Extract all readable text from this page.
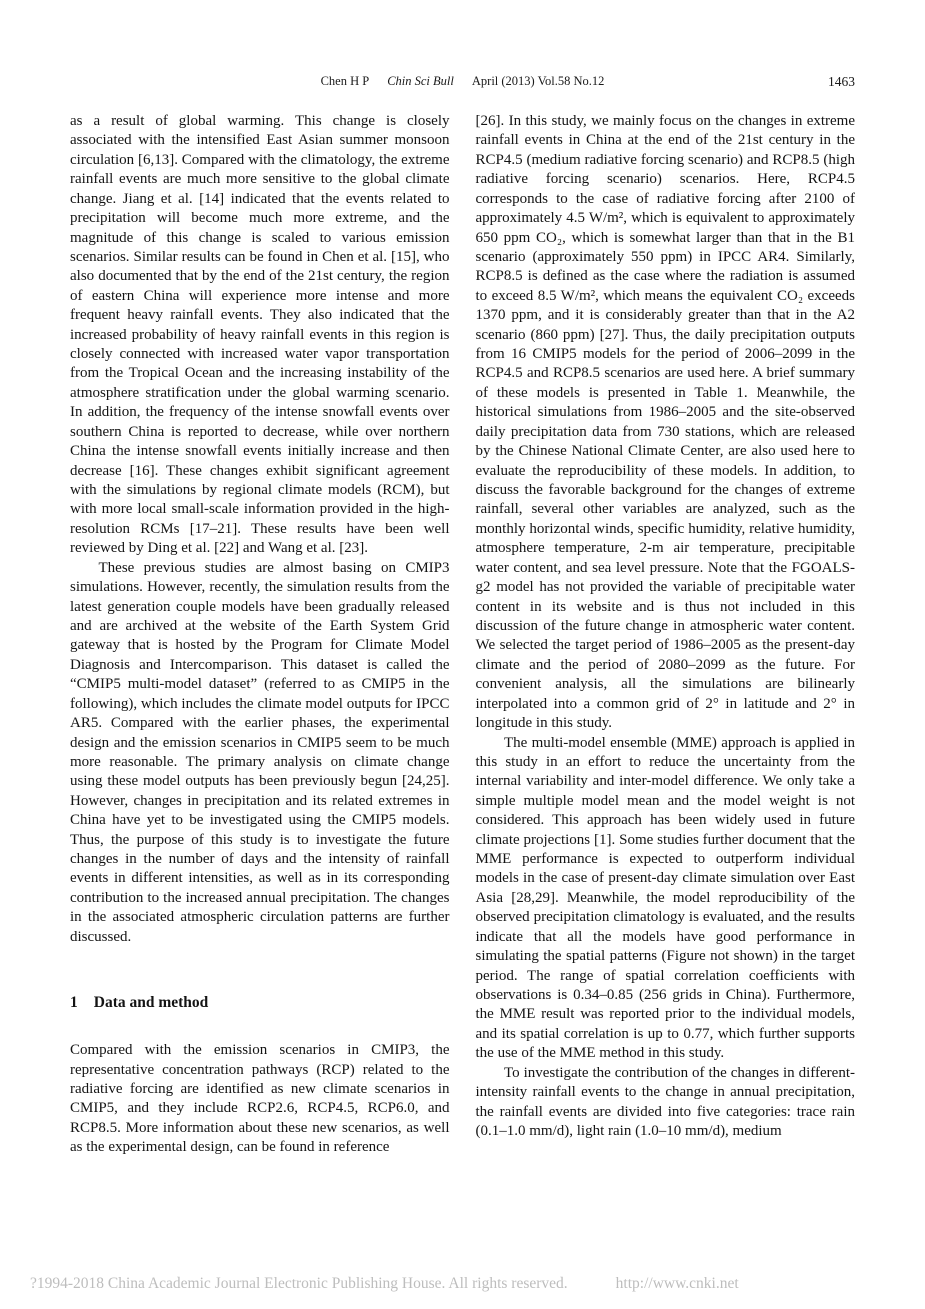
Chen H P Chin Sci Bull April (2013) Vol.58 No.12	1463

as a result of global warming. This change is closely associated with the intensified East Asian summer monsoon circulation [6,13]. Compared with the climatology, the extreme rainfall events are much more sensitive to the global climate change. Jiang et al. [14] indicated that the events related to precipitation will become much more extreme, and the magnitude of this change is scaled to various emission scenarios. Similar results can be found in Chen et al. [15], who also documented that by the end of the 21st century, the region of eastern China will experience more intense and more frequent heavy rainfall events. They also indicated that the increased probability of heavy rainfall events in this region is closely connected with increased water vapor transportation from the Tropical Ocean and the increasing instability of the atmosphere stratification under the global warming scenario. In addition, the frequency of the intense snowfall events over southern China is reported to decrease, while over northern China the intense snowfall events initially increase and then decrease [16]. These changes exhibit significant agreement with the simulations by regional climate models (RCM), but with more local small-scale information provided in the high-resolution RCMs [17–21]. These results have been well reviewed by Ding et al. [22] and Wang et al. [23].

These previous studies are almost basing on CMIP3 simulations. However, recently, the simulation results from the latest generation couple models have been gradually released and are archived at the website of the Earth System Grid gateway that is hosted by the Program for Climate Model Diagnosis and Intercomparison. This dataset is called the “CMIP5 multi-model dataset” (referred to as CMIP5 in the following), which includes the climate model outputs for IPCC AR5. Compared with the earlier phases, the experimental design and the emission scenarios in CMIP5 seem to be much more reasonable. The primary analysis on climate change using these model outputs has been previously begun [24,25]. However, changes in precipitation and its related extremes in China have yet to be investigated using the CMIP5 models. Thus, the purpose of this study is to investigate the future changes in the number of days and the intensity of rainfall events in different intensities, as well as in its corresponding contribution to the increased annual precipitation. The changes in the associated atmospheric circulation patterns are further discussed.

1 Data and method

Compared with the emission scenarios in CMIP3, the representative concentration pathways (RCP) related to the radiative forcing are identified as new climate scenarios in CMIP5, and they include RCP2.6, RCP4.5, RCP6.0, and RCP8.5. More information about these new scenarios, as well as the experimental design, can be found in reference

[26]. In this study, we mainly focus on the changes in extreme rainfall events in China at the end of the 21st century in the RCP4.5 (medium radiative forcing scenario) and RCP8.5 (high radiative forcing scenario) scenarios. Here, RCP4.5 corresponds to the case of radiative forcing after 2100 of approximately 4.5 W/m², which is equivalent to approximately 650 ppm CO₂, which is somewhat larger than that in the B1 scenario (approximately 550 ppm) in IPCC AR4. Similarly, RCP8.5 is defined as the case where the radiation is assumed to exceed 8.5 W/m², which means the equivalent CO₂ exceeds 1370 ppm, and it is considerably greater than that in the A2 scenario (860 ppm) [27]. Thus, the daily precipitation outputs from 16 CMIP5 models for the period of 2006–2099 in the RCP4.5 and RCP8.5 scenarios are used here. A brief summary of these models is presented in Table 1. Meanwhile, the historical simulations from 1986–2005 and the site-observed daily precipitation data from 730 stations, which are released by the Chinese National Climate Center, are also used here to evaluate the reproducibility of these models. In addition, to discuss the favorable background for the changes of extreme rainfall, several other variables are analyzed, such as the monthly horizontal winds, specific humidity, relative humidity, atmosphere temperature, 2-m air temperature, precipitable water content, and sea level pressure. Note that the FGOALS-g2 model has not provided the variable of precipitable water content in its website and is thus not included in this discussion of the future change in atmospheric water content. We selected the target period of 1986–2005 as the present-day climate and the period of 2080–2099 as the future. For convenient analysis, all the simulations are bilinearly interpolated into a common grid of 2° in latitude and 2° in longitude in this study.

The multi-model ensemble (MME) approach is applied in this study in an effort to reduce the uncertainty from the internal variability and inter-model difference. We only take a simple multiple model mean and the model weight is not considered. This approach has been widely used in future climate projections [1]. Some studies further document that the MME performance is expected to outperform individual models in the case of present-day climate simulation over East Asia [28,29]. Meanwhile, the model reproducibility of the observed precipitation climatology is evaluated, and the results indicate that all the models have good performance in simulating the spatial patterns (Figure not shown) in the target period. The range of spatial correlation coefficients with observations is 0.34–0.85 (256 grids in China). Furthermore, the MME result was reported prior to the individual models, and its spatial correlation is up to 0.77, which further supports the use of the MME method in this study.

To investigate the contribution of the changes in different-intensity rainfall events to the change in annual precipitation, the rainfall events are divided into five categories: trace rain (0.1–1.0 mm/d), light rain (1.0–10 mm/d), medium

?1994-2018 China Academic Journal Electronic Publishing House. All rights reserved.	http://www.cnki.net
